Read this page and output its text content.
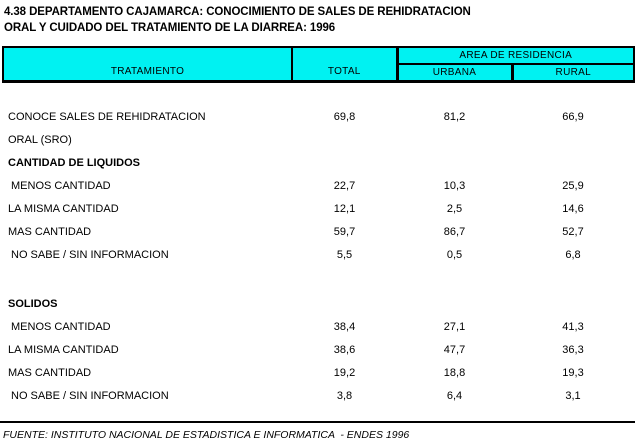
4.38 DEPARTAMENTO CAJAMARCA: CONOCIMIENTO DE SALES DE REHIDRATACION
ORAL Y CUIDADO DEL TRATAMIENTO DE LA DIARREA: 1996
TRATAMIENTO	TOTAL	AREA DE RESIDENCIA	
		URBANA	RURAL

CONOCE SALES DE REHIDRATACION	69,8	81,2	66,9
ORAL (SRO)			
CANTIDAD DE LIQUIDOS			
MENOS CANTIDAD	22,7	10,3	25,9
LA MISMA CANTIDAD	12,1	2,5	14,6
MAS CANTIDAD	59,7	86,7	52,7
NO SABE / SIN INFORMACION	5,5	0,5	6,8

SOLIDOS			
MENOS CANTIDAD	38,4	27,1	41,3
LA MISMA CANTIDAD	38,6	47,7	36,3
MAS CANTIDAD	19,2	18,8	19,3
NO SABE / SIN INFORMACION	3,8	6,4	3,1
FUENTE: INSTITUTO NACIONAL DE ESTADISTICA E INFORMATICA  - ENDES 1996
